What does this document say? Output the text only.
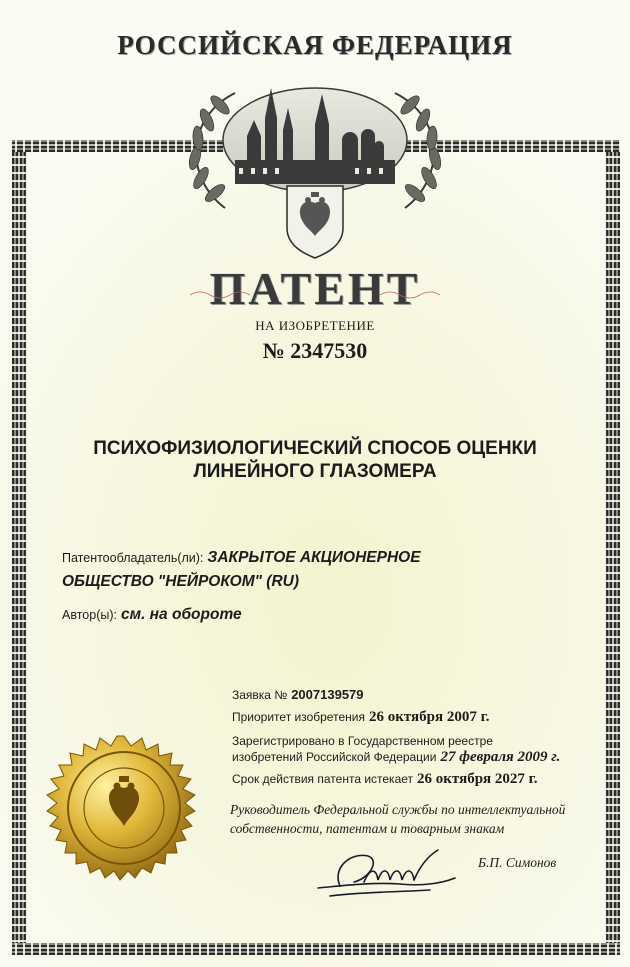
РОССИЙСКАЯ ФЕДЕРАЦИЯ
ПАТЕНТ
НА ИЗОБРЕТЕНИЕ
№ 2347530
ПСИХОФИЗИОЛОГИЧЕСКИЙ СПОСОБ ОЦЕНКИ
ЛИНЕЙНОГО ГЛАЗОМЕРА
Патентообладатель(ли): ЗАКРЫТОЕ АКЦИОНЕРНОЕ
ОБЩЕСТВО "НЕЙРОКОМ" (RU)
Автор(ы): см. на обороте
Заявка № 2007139579
Приоритет изобретения 26 октября 2007 г.
Зарегистрировано в Государственном реестре
изобретений Российской Федерации 27 февраля 2009 г.
Срок действия патента истекает 26 октября 2027 г.
Руководитель Федеральной службы по интеллектуальной
собственности, патентам и товарным знакам
Б.П. Симонов
